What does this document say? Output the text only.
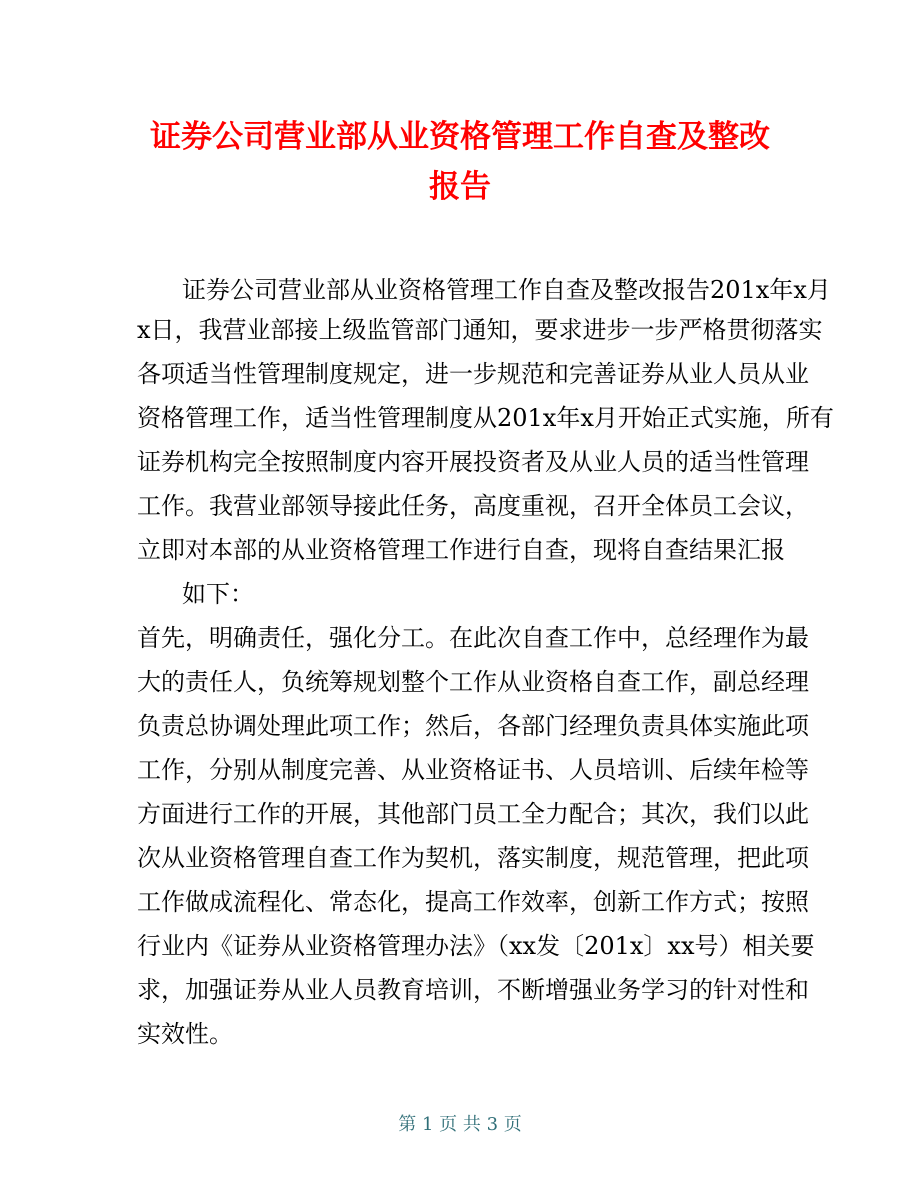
证券公司营业部从业资格管理工作自查及整改
报告
证券公司营业部从业资格管理工作自查及整改报告201x年x月
x日，我营业部接上级监管部门通知，要求进步一步严格贯彻落实
各项适当性管理制度规定，进一步规范和完善证券从业人员从业
资格管理工作，适当性管理制度从201x年x月开始正式实施，所有
证券机构完全按照制度内容开展投资者及从业人员的适当性管理
工作。我营业部领导接此任务，高度重视，召开全体员工会议，
立即对本部的从业资格管理工作进行自查，现将自查结果汇报
如下：
首先，明确责任，强化分工。在此次自查工作中，总经理作为最
大的责任人，负统筹规划整个工作从业资格自查工作，副总经理
负责总协调处理此项工作；然后，各部门经理负责具体实施此项
工作，分别从制度完善、从业资格证书、人员培训、后续年检等
方面进行工作的开展，其他部门员工全力配合；其次，我们以此
次从业资格管理自查工作为契机，落实制度，规范管理，把此项
工作做成流程化、常态化，提高工作效率，创新工作方式；按照
行业内《证券从业资格管理办法》（xx发〔201x〕xx号）相关要
求，加强证券从业人员教育培训，不断增强业务学习的针对性和
实效性。
第 1 页 共 3 页
